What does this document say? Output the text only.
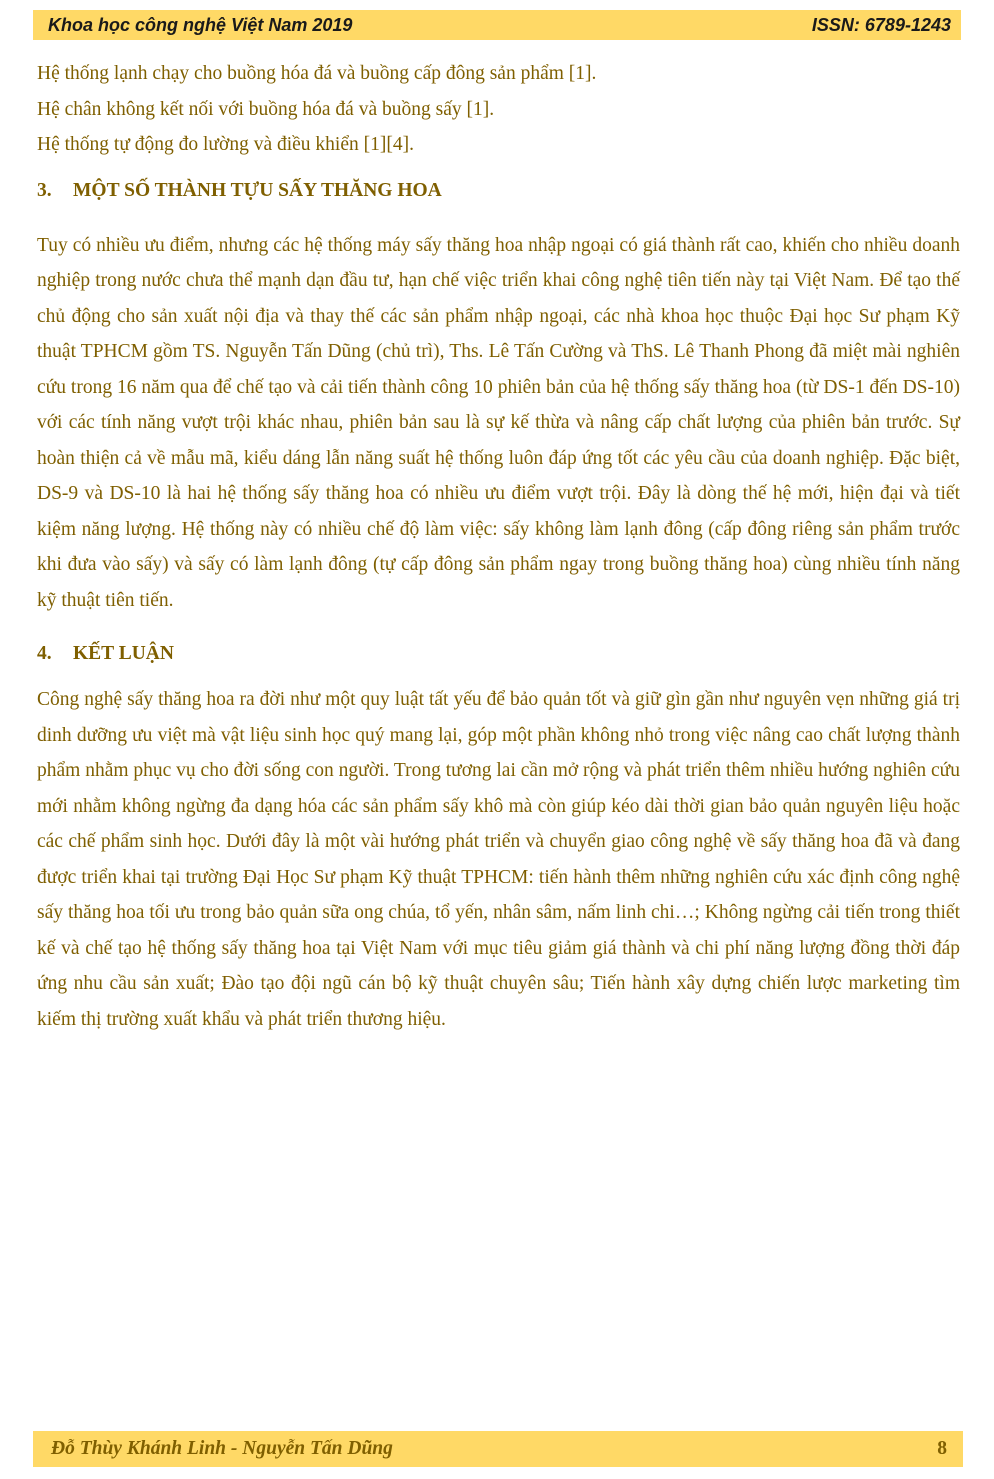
Khoa học công nghệ Việt Nam 2019	ISSN: 6789-1243

Hệ thống lạnh chạy cho buồng hóa đá và buồng cấp đông sản phẩm [1].

Hệ chân không kết nối với buồng hóa đá và buồng sấy [1].

Hệ thống tự động đo lường và điều khiển [1][4].

3.	MỘT SỐ THÀNH TỰU SẤY THĂNG HOA

Tuy có nhiều ưu điểm, nhưng các hệ thống máy sấy thăng hoa nhập ngoại có giá thành rất cao, khiến cho nhiều doanh nghiệp trong nước chưa thể mạnh dạn đầu tư, hạn chế việc triển khai công nghệ tiên tiến này tại Việt Nam. Để tạo thế chủ động cho sản xuất nội địa và thay thế các sản phẩm nhập ngoại, các nhà khoa học thuộc Đại học Sư phạm Kỹ thuật TPHCM gồm TS. Nguyễn Tấn Dũng (chủ trì), Ths. Lê Tấn Cường và ThS. Lê Thanh Phong đã miệt mài nghiên cứu trong 16 năm qua để chế tạo và cải tiến thành công 10 phiên bản của hệ thống sấy thăng hoa (từ DS-1 đến DS-10) với các tính năng vượt trội khác nhau, phiên bản sau là sự kế thừa và nâng cấp chất lượng của phiên bản trước. Sự hoàn thiện cả về mẫu mã, kiểu dáng lẫn năng suất hệ thống luôn đáp ứng tốt các yêu cầu của doanh nghiệp. Đặc biệt, DS-9 và DS-10 là hai hệ thống sấy thăng hoa có nhiều ưu điểm vượt trội. Đây là dòng thế hệ mới, hiện đại và tiết kiệm năng lượng. Hệ thống này có nhiều chế độ làm việc: sấy không làm lạnh đông (cấp đông riêng sản phẩm trước khi đưa vào sấy) và sấy có làm lạnh đông (tự cấp đông sản phẩm ngay trong buồng thăng hoa) cùng nhiều tính năng kỹ thuật tiên tiến.

4.	KẾT LUẬN

Công nghệ sấy thăng hoa ra đời như một quy luật tất yếu để bảo quản tốt và giữ gìn gần như nguyên vẹn những giá trị dinh dưỡng ưu việt mà vật liệu sinh học quý mang lại, góp một phần không nhỏ trong việc nâng cao chất lượng thành phẩm nhằm phục vụ cho đời sống con người. Trong tương lai cần mở rộng và phát triển thêm nhiều hướng nghiên cứu mới nhằm không ngừng đa dạng hóa các sản phẩm sấy khô mà còn giúp kéo dài thời gian bảo quản nguyên liệu hoặc các chế phẩm sinh học. Dưới đây là một vài hướng phát triển và chuyển giao công nghệ về sấy thăng hoa đã và đang được triển khai tại trường Đại Học Sư phạm Kỹ thuật TPHCM: tiến hành thêm những nghiên cứu xác định công nghệ sấy thăng hoa tối ưu trong bảo quản sữa ong chúa, tổ yến, nhân sâm, nấm linh chi…; Không ngừng cải tiến trong thiết kế và chế tạo hệ thống sấy thăng hoa tại Việt Nam với mục tiêu giảm giá thành và chi phí năng lượng đồng thời đáp ứng nhu cầu sản xuất; Đào tạo đội ngũ cán bộ kỹ thuật chuyên sâu; Tiến hành xây dựng chiến lược marketing tìm kiếm thị trường xuất khẩu và phát triển thương hiệu.

Đỗ Thùy Khánh Linh - Nguyễn Tấn Dũng	8
